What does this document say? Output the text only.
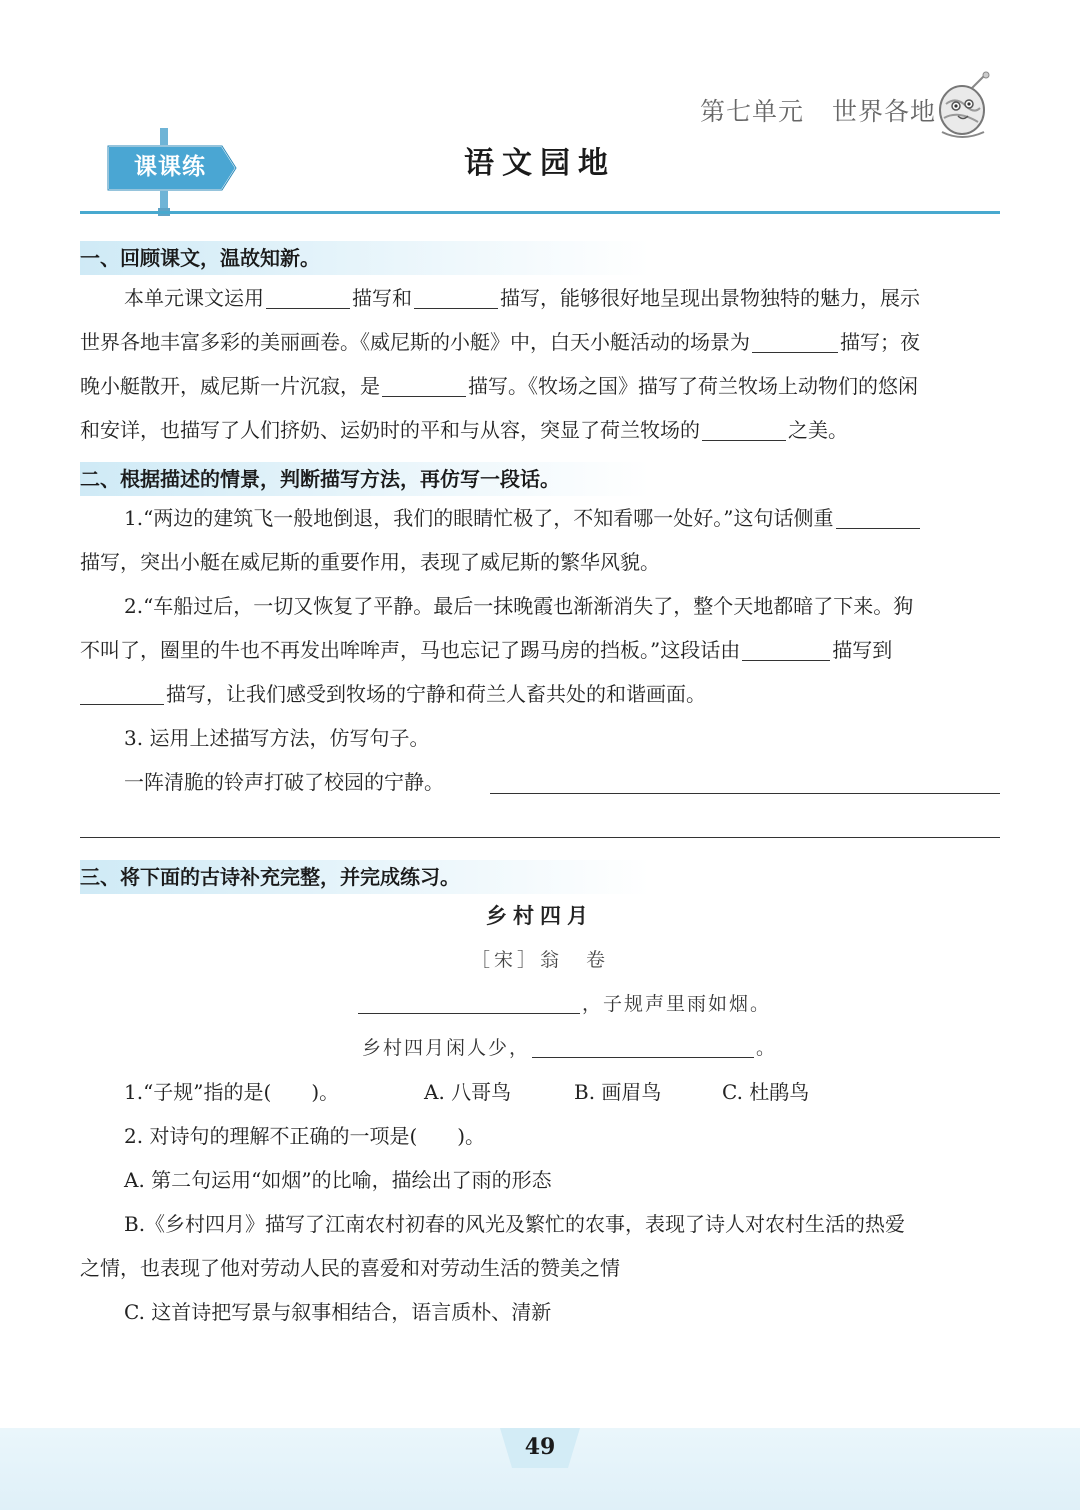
第七单元 世界各地
课课练	语文园地
一、回顾课文，温故知新。
本单元课文运用	描写和	描写，能够很好地呈现出景物独特的魅力，展示
世界各地丰富多彩的美丽画卷。《威尼斯的小艇》中，白天小艇活动的场景为	描写；夜
晚小艇散开，威尼斯一片沉寂，是	描写。《牧场之国》描写了荷兰牧场上动物们的悠闲
和安详，也描写了人们挤奶、运奶时的平和与从容，突显了荷兰牧场的	之美。
二、根据描述的情景，判断描写方法，再仿写一段话。
1.“两边的建筑飞一般地倒退，我们的眼睛忙极了，不知看哪一处好。”这句话侧重
描写，突出小艇在威尼斯的重要作用，表现了威尼斯的繁华风貌。
2.“车船过后，一切又恢复了平静。最后一抹晚霞也渐渐消失了，整个天地都暗了下来。狗
不叫了，圈里的牛也不再发出哞哞声，马也忘记了踢马房的挡板。”这段话由	描写到
描写，让我们感受到牧场的宁静和荷兰人畜共处的和谐画面。
3. 运用上述描写方法，仿写句子。
一阵清脆的铃声打破了校园的宁静。
三、将下面的古诗补充完整，并完成练习。
乡村四月
［宋］翁　卷
，子规声里雨如烟。
乡村四月闲人少，	。
1.“子规”指的是(　　)。	A. 八哥鸟	B. 画眉鸟	C. 杜鹃鸟
2. 对诗句的理解不正确的一项是(　　)。
A. 第二句运用“如烟”的比喻，描绘出了雨的形态
B.《乡村四月》描写了江南农村初春的风光及繁忙的农事，表现了诗人对农村生活的热爱
之情，也表现了他对劳动人民的喜爱和对劳动生活的赞美之情
C. 这首诗把写景与叙事相结合，语言质朴、清新
49
